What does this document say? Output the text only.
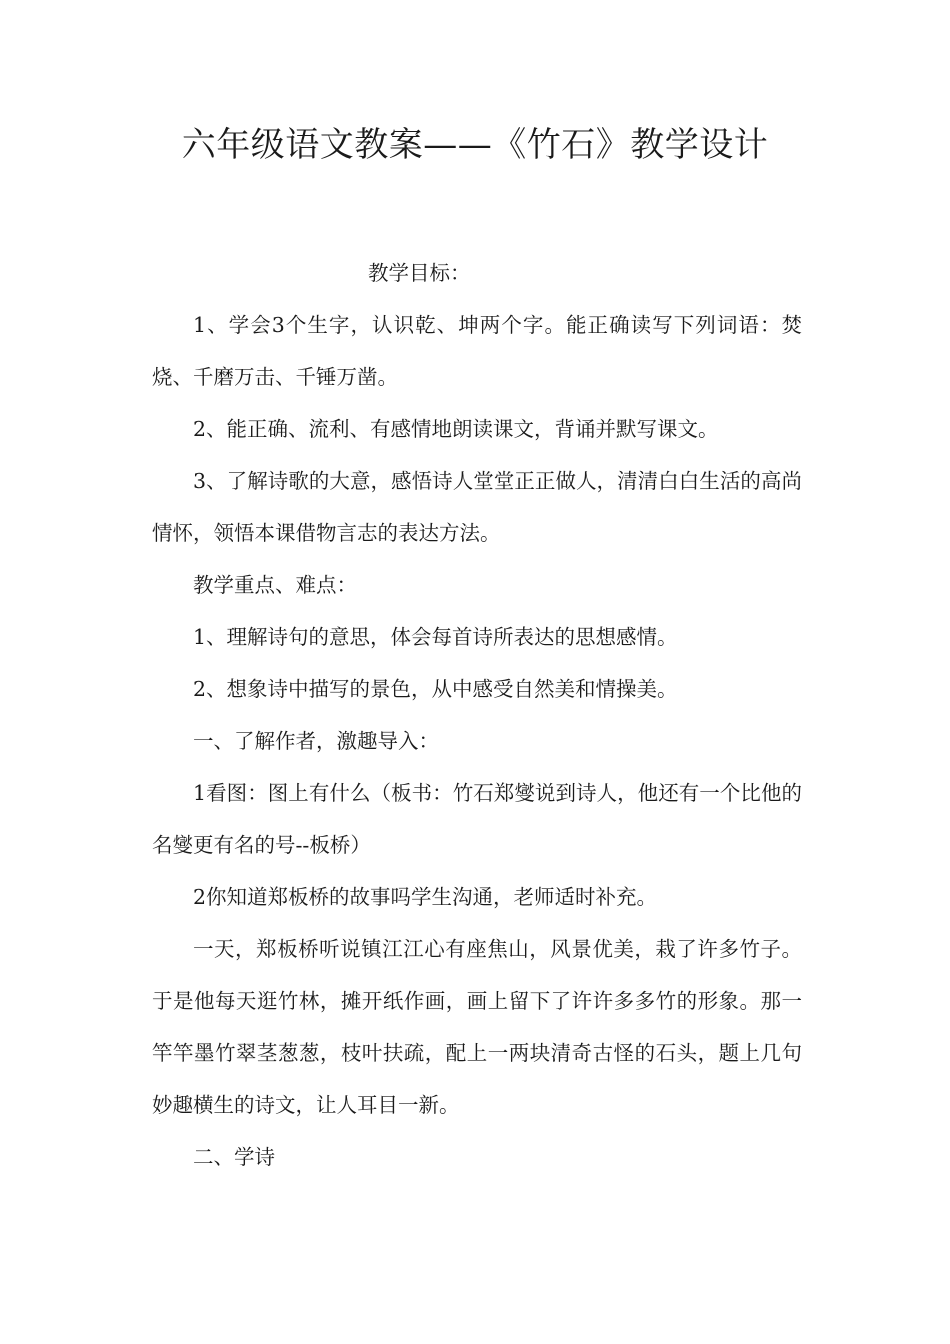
六年级语文教案——《竹石》教学设计

教学目标：

1、学会3个生字，认识乾、坤两个字。能正确读写下列词语：焚烧、千磨万击、千锤万凿。

2、能正确、流利、有感情地朗读课文，背诵并默写课文。

3、了解诗歌的大意，感悟诗人堂堂正正做人，清清白白生活的高尚情怀，领悟本课借物言志的表达方法。

教学重点、难点：

1、理解诗句的意思，体会每首诗所表达的思想感情。

2、想象诗中描写的景色，从中感受自然美和情操美。

一、了解作者，激趣导入：

1看图：图上有什么（板书：竹石郑燮说到诗人，他还有一个比他的名燮更有名的号--板桥）

2你知道郑板桥的故事吗学生沟通，老师适时补充。

一天，郑板桥听说镇江江心有座焦山，风景优美，栽了许多竹子。于是他每天逛竹林，摊开纸作画，画上留下了许许多多竹的形象。那一竿竿墨竹翠茎葱葱，枝叶扶疏，配上一两块清奇古怪的石头，题上几句妙趣横生的诗文，让人耳目一新。

二、学诗
